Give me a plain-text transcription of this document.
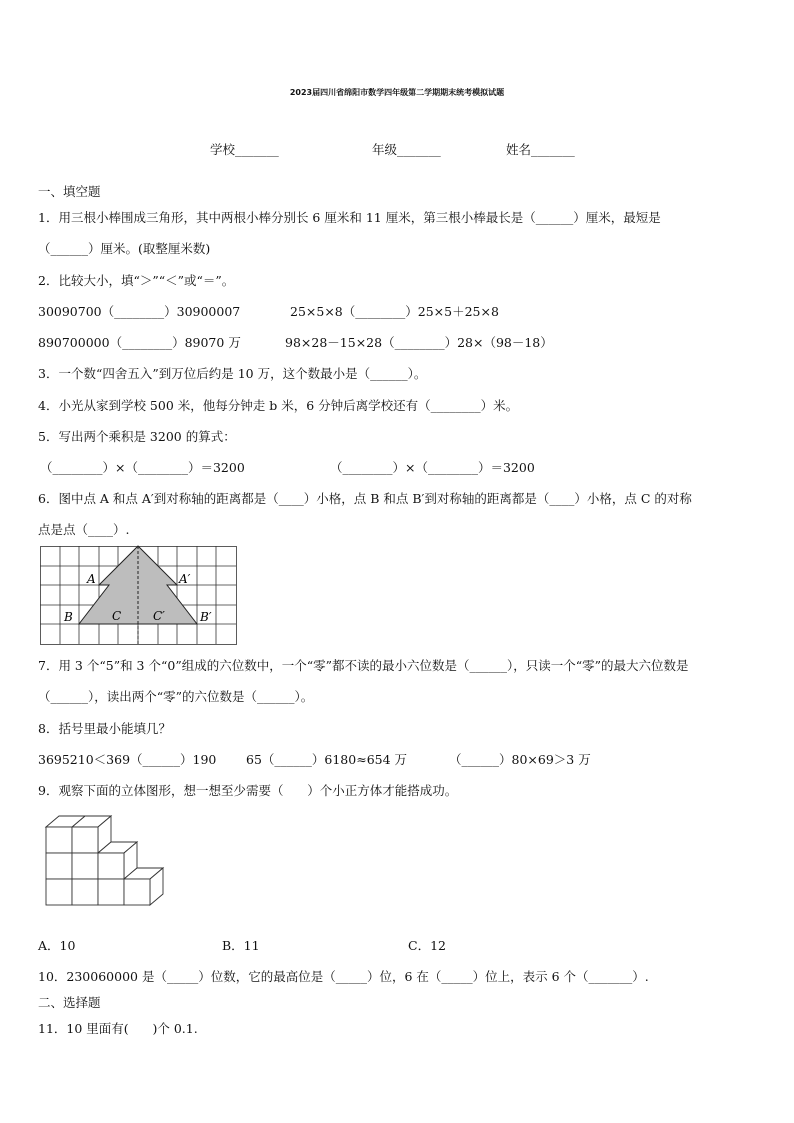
2023届四川省绵阳市数学四年级第二学期期末统考模拟试题
学校_______	年级_______	姓名_______
一、填空题
1．用三根小棒围成三角形，其中两根小棒分别长 6 厘米和 11 厘米，第三根小棒最长是（______）厘米，最短是
（______）厘米。(取整厘米数)
2．比较大小，填“＞”“＜”或“＝”。
30090700（________）30900007	25×5×8（________）25×5＋25×8
890700000（________）89070 万	98×28－15×28（________）28×（98－18）
3．一个数“四舍五入”到万位后约是 10 万，这个数最小是（______）。
4．小光从家到学校 500 米，他每分钟走 b 米，6 分钟后离学校还有（________）米。
5．写出两个乘积是 3200 的算式：
（________）×（________）＝3200	（________）×（________）＝3200
6．图中点 A 和点 A′到对称轴的距离都是（____）小格，点 B 和点 B′到对称轴的距离都是（____）小格，点 C 的对称
点是点（____）.
A	A′
B	B′
C	C′
7．用 3 个“5”和 3 个“0”组成的六位数中，一个“零”都不读的最小六位数是（______），只读一个“零”的最大六位数是
（______），读出两个“零”的六位数是（______）。
8．括号里最小能填几？
3695210＜369（______）190 65（______）6180≈654 万	（______）80×69＞3 万
9．观察下面的立体图形，想一想至少需要（      ）个小正方体才能搭成功。
A．10	B．11	C．12
10．230060000 是（_____）位数，它的最高位是（_____）位，6 在（_____）位上，表示 6 个（_______）.
二、选择题
11．10 里面有(      )个 0.1.
